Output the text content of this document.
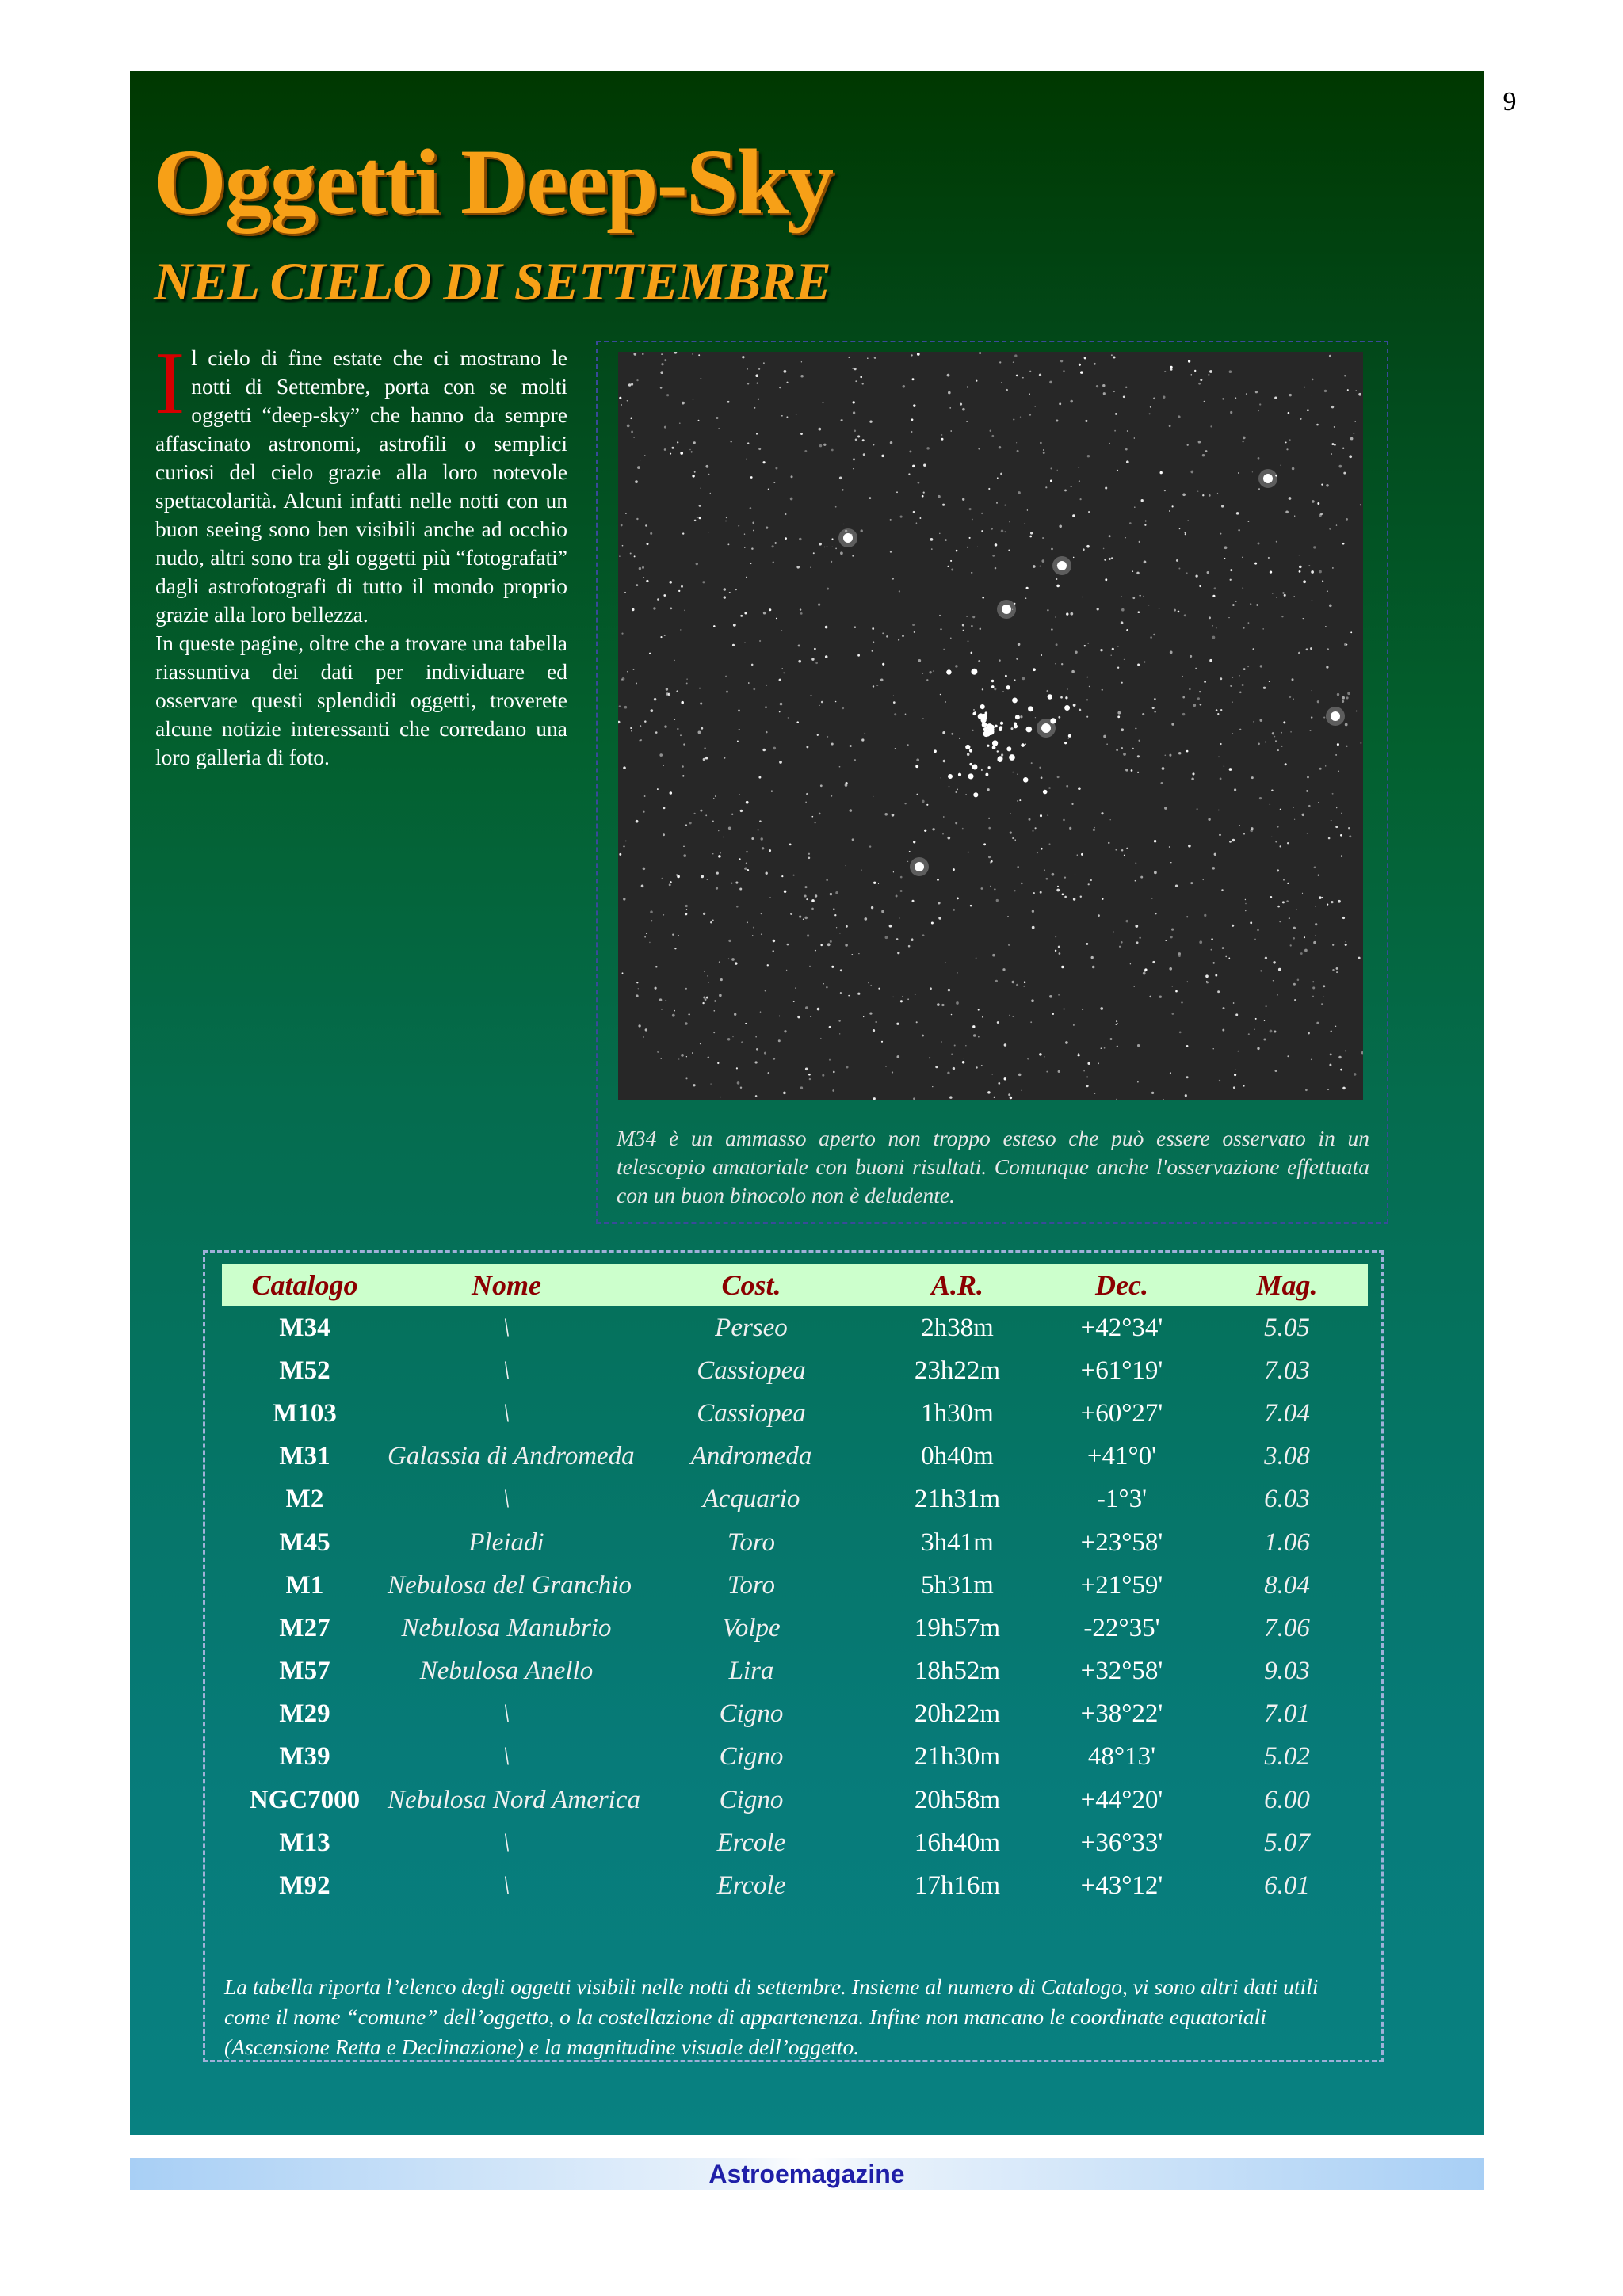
9
Oggetti Deep-Sky
NEL CIELO DI SETTEMBRE

Il cielo di fine estate che ci mostrano le notti di Settembre, porta con se molti oggetti “deep-sky” che hanno da sempre affascinato astronomi, astrofili o semplici curiosi del cielo grazie alla loro notevole spettacolarità. Alcuni infatti nelle notti con un buon seeing sono ben visibili anche ad occhio nudo, altri sono tra gli oggetti più “fotografati” dagli astrofotografi di tutto il mondo proprio grazie alla loro bellezza.

In queste pagine, oltre che a trovare una tabella riassuntiva dei dati per individuare ed osservare questi splendidi oggetti, troverete alcune notizie interessanti che corredano una loro galleria di foto.

M34 è un ammasso aperto non troppo esteso che può essere osservato in un telescopio amatoriale con buoni risultati. Comunque anche l'osservazione effettuata con un buon binocolo non è deludente.

Catalogo	Nome	Cost.	A.R.	Dec.	Mag.
M34	\	Perseo	2h38m	+42°34'	5.05
M52	\	Cassiopea	23h22m	+61°19'	7.03
M103	\	Cassiopea	1h30m	+60°27'	7.04
M31	Galassia di Andromeda	Andromeda	0h40m	+41°0'	3.08
M2	\	Acquario	21h31m	-1°3'	6.03
M45	Pleiadi	Toro	3h41m	+23°58'	1.06
M1	Nebulosa del Granchio	Toro	5h31m	+21°59'	8.04
M27	Nebulosa Manubrio	Volpe	19h57m	-22°35'	7.06
M57	Nebulosa Anello	Lira	18h52m	+32°58'	9.03
M29	\	Cigno	20h22m	+38°22'	7.01
M39	\	Cigno	21h30m	48°13'	5.02
NGC7000	Nebulosa Nord America	Cigno	20h58m	+44°20'	6.00
M13	\	Ercole	16h40m	+36°33'	5.07
M92	\	Ercole	17h16m	+43°12'	6.01

La tabella riporta l’elenco degli oggetti visibili nelle notti di settembre. Insieme al numero di Catalogo, vi sono altri dati utili come il nome “comune” dell’oggetto, o la costellazione di appartenenza. Infine non mancano le coordinate equatoriali (Ascensione Retta e Declinazione) e la magnitudine visuale dell’oggetto.

Astroemagazine
